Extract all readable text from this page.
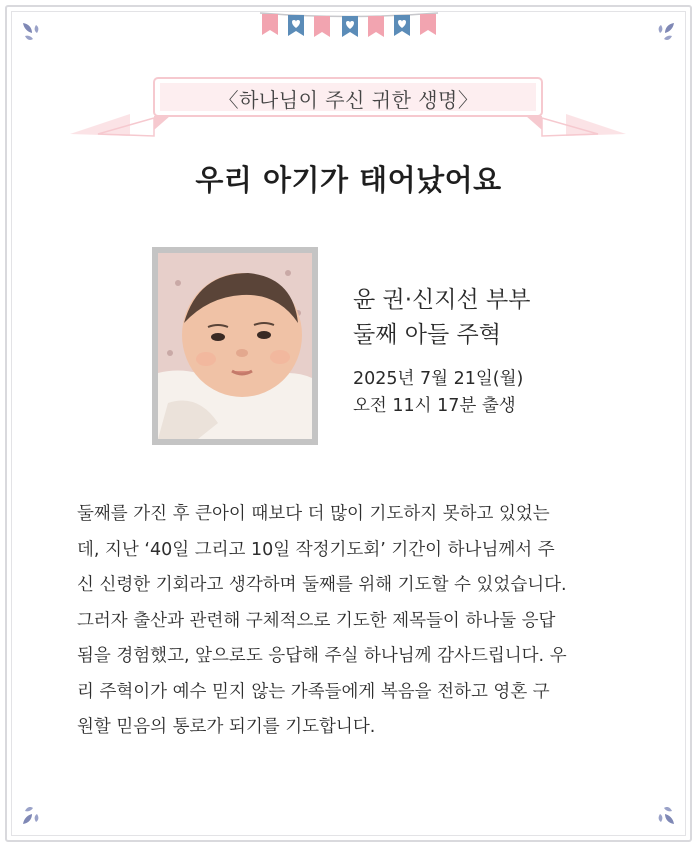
〈하나님이 주신 귀한 생명〉
우리 아기가 태어났어요
윤 권·신지선 부부
둘째 아들 주혁
2025년 7월 21일(월)
오전 11시 17분 출생
둘째를 가진 후 큰아이 때보다 더 많이 기도하지 못하고 있었는
데, 지난 ‘40일 그리고 10일 작정기도회’ 기간이 하나님께서 주
신 신령한 기회라고 생각하며 둘째를 위해 기도할 수 있었습니다.
그러자 출산과 관련해 구체적으로 기도한 제목들이 하나둘 응답
됨을 경험했고, 앞으로도 응답해 주실 하나님께 감사드립니다. 우
리 주혁이가 예수 믿지 않는 가족들에게 복음을 전하고 영혼 구
원할 믿음의 통로가 되기를 기도합니다.
